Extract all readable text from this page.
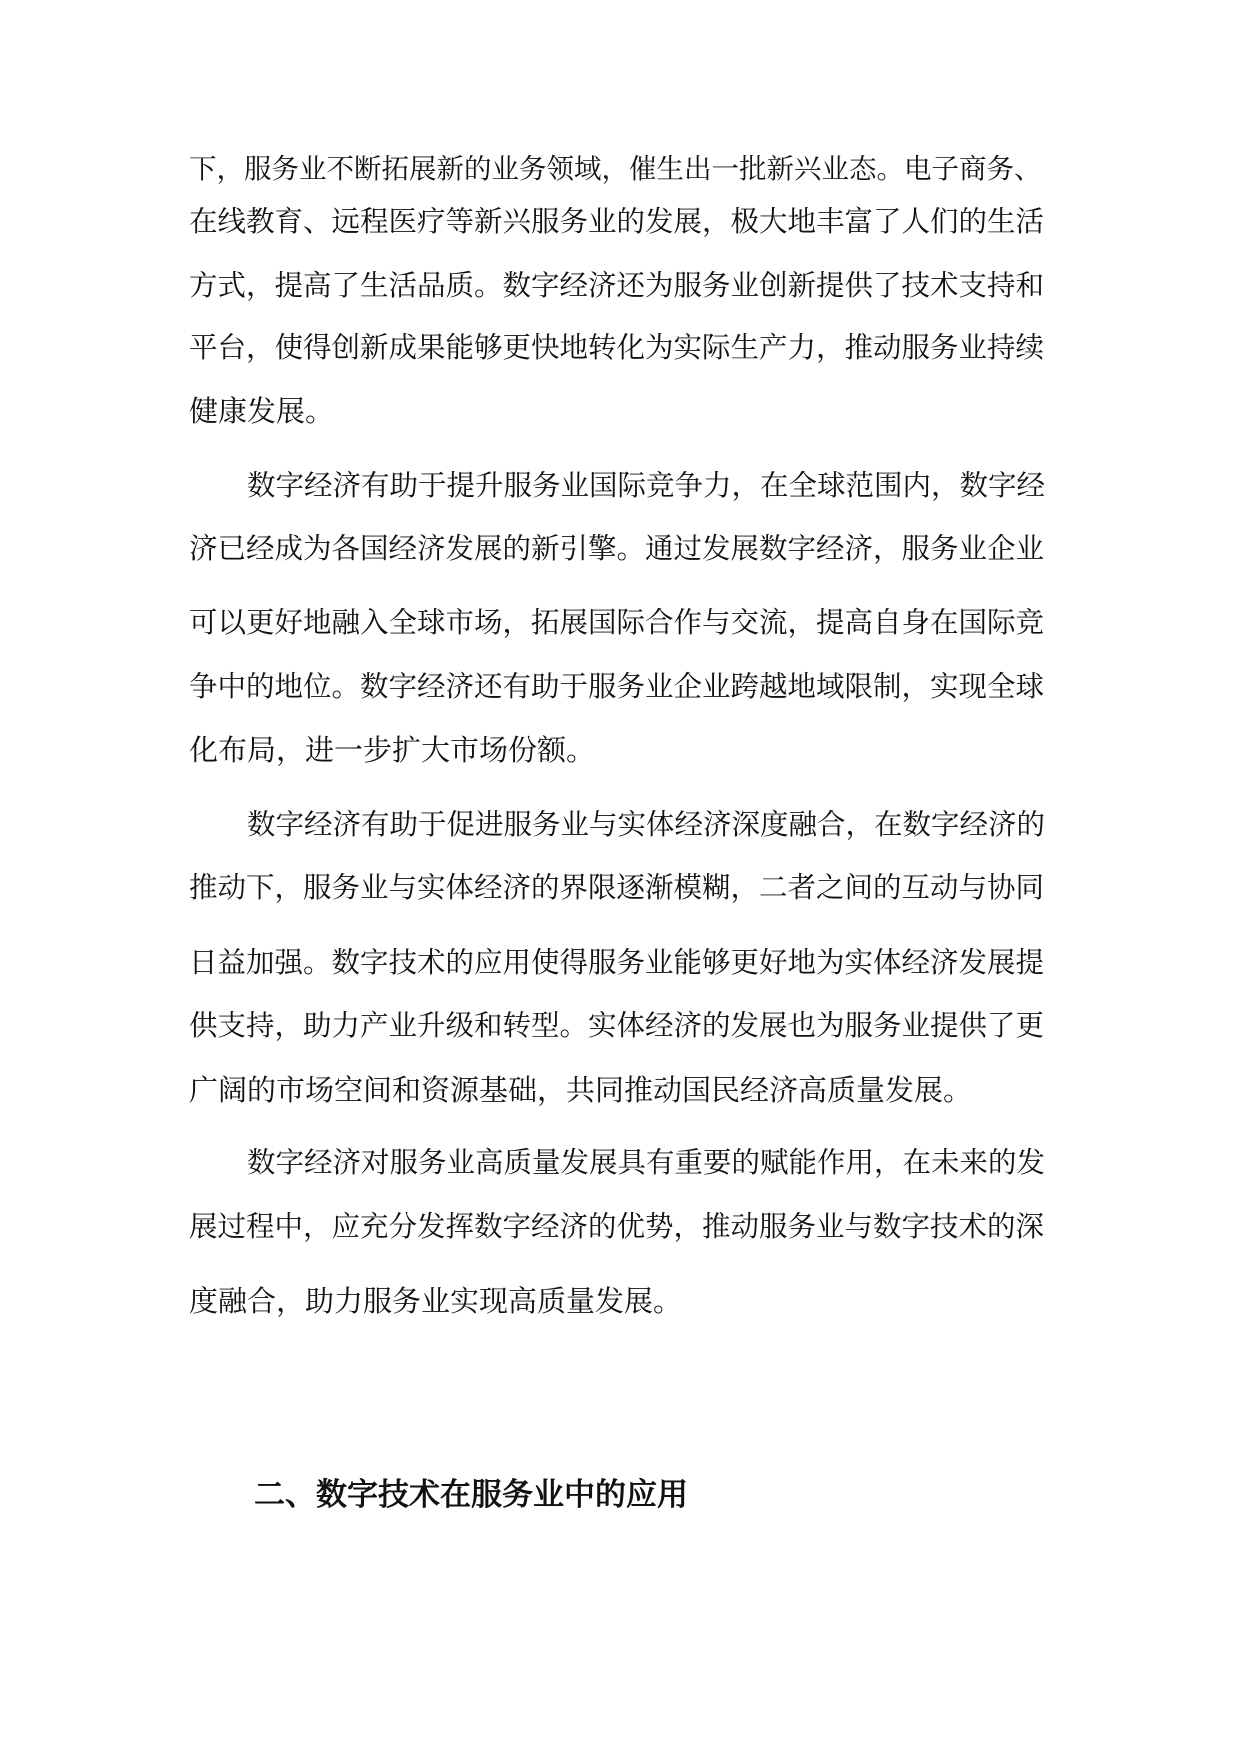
下，服务业不断拓展新的业务领域，催生出一批新兴业态。电子商务、

在线教育、远程医疗等新兴服务业的发展，极大地丰富了人们的生活

方式，提高了生活品质。数字经济还为服务业创新提供了技术支持和

平台，使得创新成果能够更快地转化为实际生产力，推动服务业持续

健康发展。

数字经济有助于提升服务业国际竞争力，在全球范围内，数字经

济已经成为各国经济发展的新引擎。通过发展数字经济，服务业企业

可以更好地融入全球市场，拓展国际合作与交流，提高自身在国际竞

争中的地位。数字经济还有助于服务业企业跨越地域限制，实现全球

化布局，进一步扩大市场份额。

数字经济有助于促进服务业与实体经济深度融合，在数字经济的

推动下，服务业与实体经济的界限逐渐模糊，二者之间的互动与协同

日益加强。数字技术的应用使得服务业能够更好地为实体经济发展提

供支持，助力产业升级和转型。实体经济的发展也为服务业提供了更

广阔的市场空间和资源基础，共同推动国民经济高质量发展。

数字经济对服务业高质量发展具有重要的赋能作用，在未来的发

展过程中，应充分发挥数字经济的优势，推动服务业与数字技术的深

度融合，助力服务业实现高质量发展。

二、数字技术在服务业中的应用
